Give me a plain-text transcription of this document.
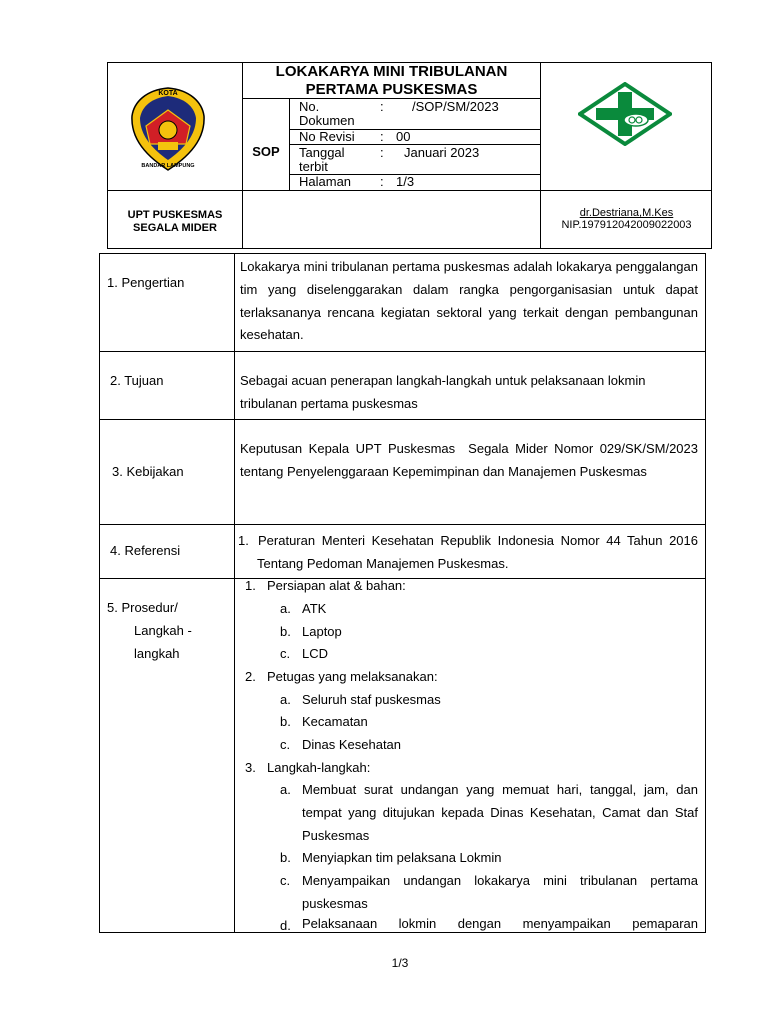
KOTA
BANDAR LAMPUNG
LOKAKARYA MINI TRIBULANAN
PERTAMA PUSKESMAS
SOP
No.
Dokumen
: /SOP/SM/2023
No Revisi : 00
Tanggal
terbit
: Januari 2023
Halaman : 1/3
UPT PUSKESMAS
SEGALA MIDER
dr.Destriana,M.Kes
NIP.197912042009022003
1. Pengertian
Lokakarya mini tribulanan pertama puskesmas adalah lokakarya penggalangan tim yang diselenggarakan dalam rangka pengorganisasian untuk dapat terlaksananya rencana kegiatan sektoral yang terkait dengan pembangunan kesehatan.
2. Tujuan	Sebagai acuan penerapan langkah-langkah untuk pelaksanaan lokmin tribulanan pertama puskesmas
3. Kebijakan
Keputusan Kepala UPT Puskesmas  Segala Mider Nomor 029/SK/SM/2023  tentang Penyelenggaraan Kepemimpinan dan Manajemen Puskesmas
4. Referensi
1. Peraturan Menteri Kesehatan Republik Indonesia Nomor 44 Tahun 2016 Tentang Pedoman Manajemen Puskesmas.
5. Prosedur/
Langkah -
langkah
1. Persiapan alat & bahan:
a. ATK
b. Laptop
c. LCD
2. Petugas yang melaksanakan:
a. Seluruh staf puskesmas
b. Kecamatan
c. Dinas Kesehatan
3. Langkah-langkah:
a. Membuat surat undangan yang memuat hari, tanggal, jam, dan tempat yang ditujukan kepada Dinas Kesehatan, Camat dan Staf Puskesmas
b. Menyiapkan tim pelaksana Lokmin
c. Menyampaikan undangan lokakarya mini tribulanan pertama puskesmas
d. Pelaksanaan lokmin dengan menyampaikan pemaparan
1/3
